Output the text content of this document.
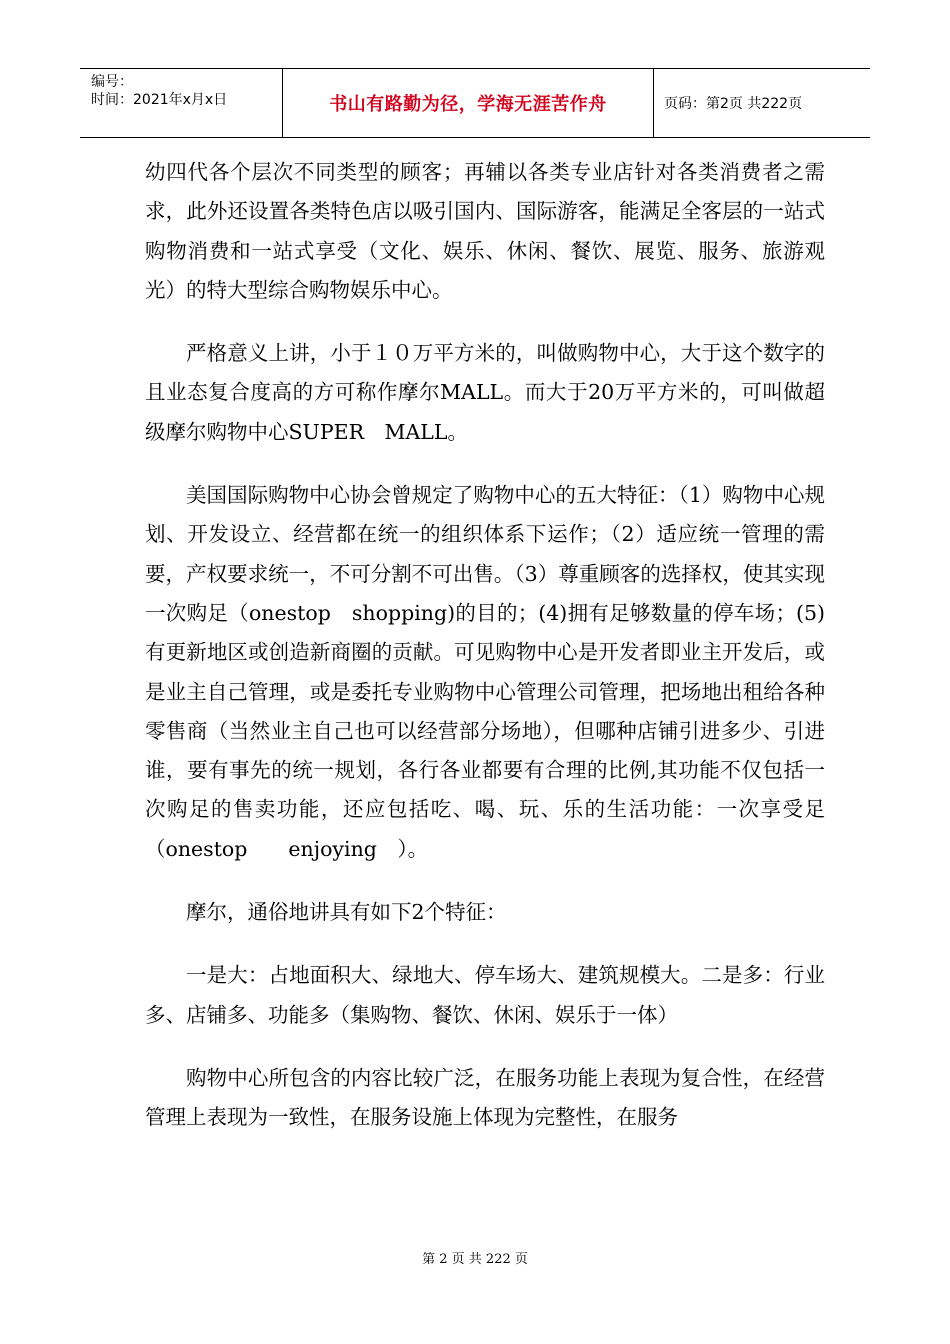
编号：
时间：2021年x月x日	书山有路勤为径，学海无涯苦作舟	页码：第2页 共222页

幼四代各个层次不同类型的顾客；再辅以各类专业店针对各类消费者之需求，此外还设置各类特色店以吸引国内、国际游客，能满足全客层的一站式购物消费和一站式享受（文化、娱乐、休闲、餐饮、展览、服务、旅游观光）的特大型综合购物娱乐中心。

严格意义上讲，小于１０万平方米的，叫做购物中心，大于这个数字的且业态复合度高的方可称作摩尔MALL。而大于20万平方米的，可叫做超级摩尔购物中心SUPER　MALL。

美国国际购物中心协会曾规定了购物中心的五大特征：（1）购物中心规划、开发设立、经营都在统一的组织体系下运作；（2）适应统一管理的需要，产权要求统一，不可分割不可出售。（3）尊重顾客的选择权，使其实现一次购足（onestop　shopping)的目的；(4)拥有足够数量的停车场；(5)有更新地区或创造新商圈的贡献。可见购物中心是开发者即业主开发后，或是业主自己管理，或是委托专业购物中心管理公司管理，把场地出租给各种零售商（当然业主自己也可以经营部分场地），但哪种店铺引进多少、引进谁，要有事先的统一规划，各行各业都要有合理的比例,其功能不仅包括一次购足的售卖功能，还应包括吃、喝、玩、乐的生活功能：一次享受足（onestop　　enjoying　）。

摩尔，通俗地讲具有如下2个特征：

一是大：占地面积大、绿地大、停车场大、建筑规模大。二是多：行业多、店铺多、功能多（集购物、餐饮、休闲、娱乐于一体）

购物中心所包含的内容比较广泛，在服务功能上表现为复合性，在经营管理上表现为一致性，在服务设施上体现为完整性，在服务

第 2 页 共 222 页
